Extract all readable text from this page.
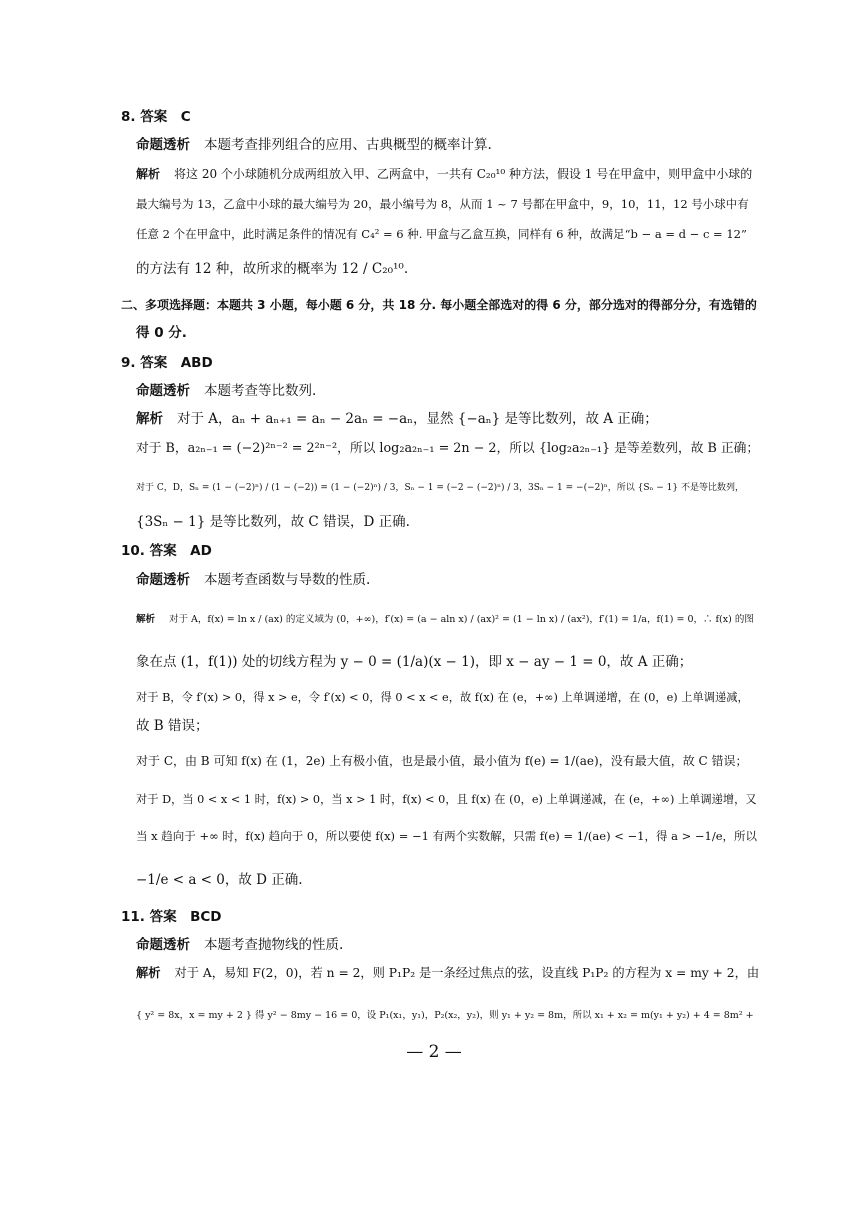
8. 答案　C
命题透析 本题考查排列组合的应用、古典概型的概率计算.
解析 将这 20 个小球随机分成两组放入甲、乙两盒中，一共有 C₂₀¹⁰ 种方法，假设 1 号在甲盒中，则甲盒中小球的
最大编号为 13，乙盒中小球的最大编号为 20，最小编号为 8，从而 1 ~ 7 号都在甲盒中，9，10，11，12 号小球中有
任意 2 个在甲盒中，此时满足条件的情况有 C₄² = 6 种. 甲盒与乙盒互换，同样有 6 种，故满足“b − a = d − c = 12”
的方法有 12 种，故所求的概率为 12 / C₂₀¹⁰.
二、多项选择题：本题共 3 小题，每小题 6 分，共 18 分. 每小题全部选对的得 6 分，部分选对的得部分分，有选错的
得 0 分.
9. 答案　ABD
命题透析 本题考查等比数列.
解析 对于 A，aₙ + aₙ₊₁ = aₙ − 2aₙ = −aₙ，显然 {−aₙ} 是等比数列，故 A 正确；
对于 B，a₂ₙ₋₁ = (−2)²ⁿ⁻² = 2²ⁿ⁻²，所以 log₂a₂ₙ₋₁ = 2n − 2，所以 {log₂a₂ₙ₋₁} 是等差数列，故 B 正确；
对于 C，D，Sₙ = (1 − (−2)ⁿ) / (1 − (−2)) = (1 − (−2)ⁿ) / 3，Sₙ − 1 = (−2 − (−2)ⁿ) / 3，3Sₙ − 1 = −(−2)ⁿ，所以 {Sₙ − 1} 不是等比数列，
{3Sₙ − 1} 是等比数列，故 C 错误，D 正确.
10. 答案　AD
命题透析 本题考查函数与导数的性质.
解析 对于 A，f(x) = ln x / (ax) 的定义域为 (0，+∞)，f′(x) = (a − aln x) / (ax)² = (1 − ln x) / (ax²)，f′(1) = 1/a，f(1) = 0，∴ f(x) 的图
象在点 (1，f(1)) 处的切线方程为 y − 0 = (1/a)(x − 1)，即 x − ay − 1 = 0，故 A 正确；
对于 B，令 f′(x) > 0，得 x > e，令 f′(x) < 0，得 0 < x < e，故 f(x) 在 (e，+∞) 上单调递增，在 (0，e) 上单调递减，
故 B 错误；
对于 C，由 B 可知 f(x) 在 (1，2e) 上有极小值，也是最小值，最小值为 f(e) = 1/(ae)，没有最大值，故 C 错误；
对于 D，当 0 < x < 1 时，f(x) > 0，当 x > 1 时，f(x) < 0，且 f(x) 在 (0，e) 上单调递减，在 (e，+∞) 上单调递增，又
当 x 趋向于 +∞ 时，f(x) 趋向于 0，所以要使 f(x) = −1 有两个实数解，只需 f(e) = 1/(ae) < −1，得 a > −1/e，所以
−1/e < a < 0，故 D 正确.
11. 答案　BCD
命题透析 本题考查抛物线的性质.
解析 对于 A，易知 F(2，0)，若 n = 2，则 P₁P₂ 是一条经过焦点的弦，设直线 P₁P₂ 的方程为 x = my + 2，由
{ y² = 8x，x = my + 2 } 得 y² − 8my − 16 = 0，设 P₁(x₁，y₁)，P₂(x₂，y₂)，则 y₁ + y₂ = 8m，所以 x₁ + x₂ = m(y₁ + y₂) + 4 = 8m² +
— 2 —
